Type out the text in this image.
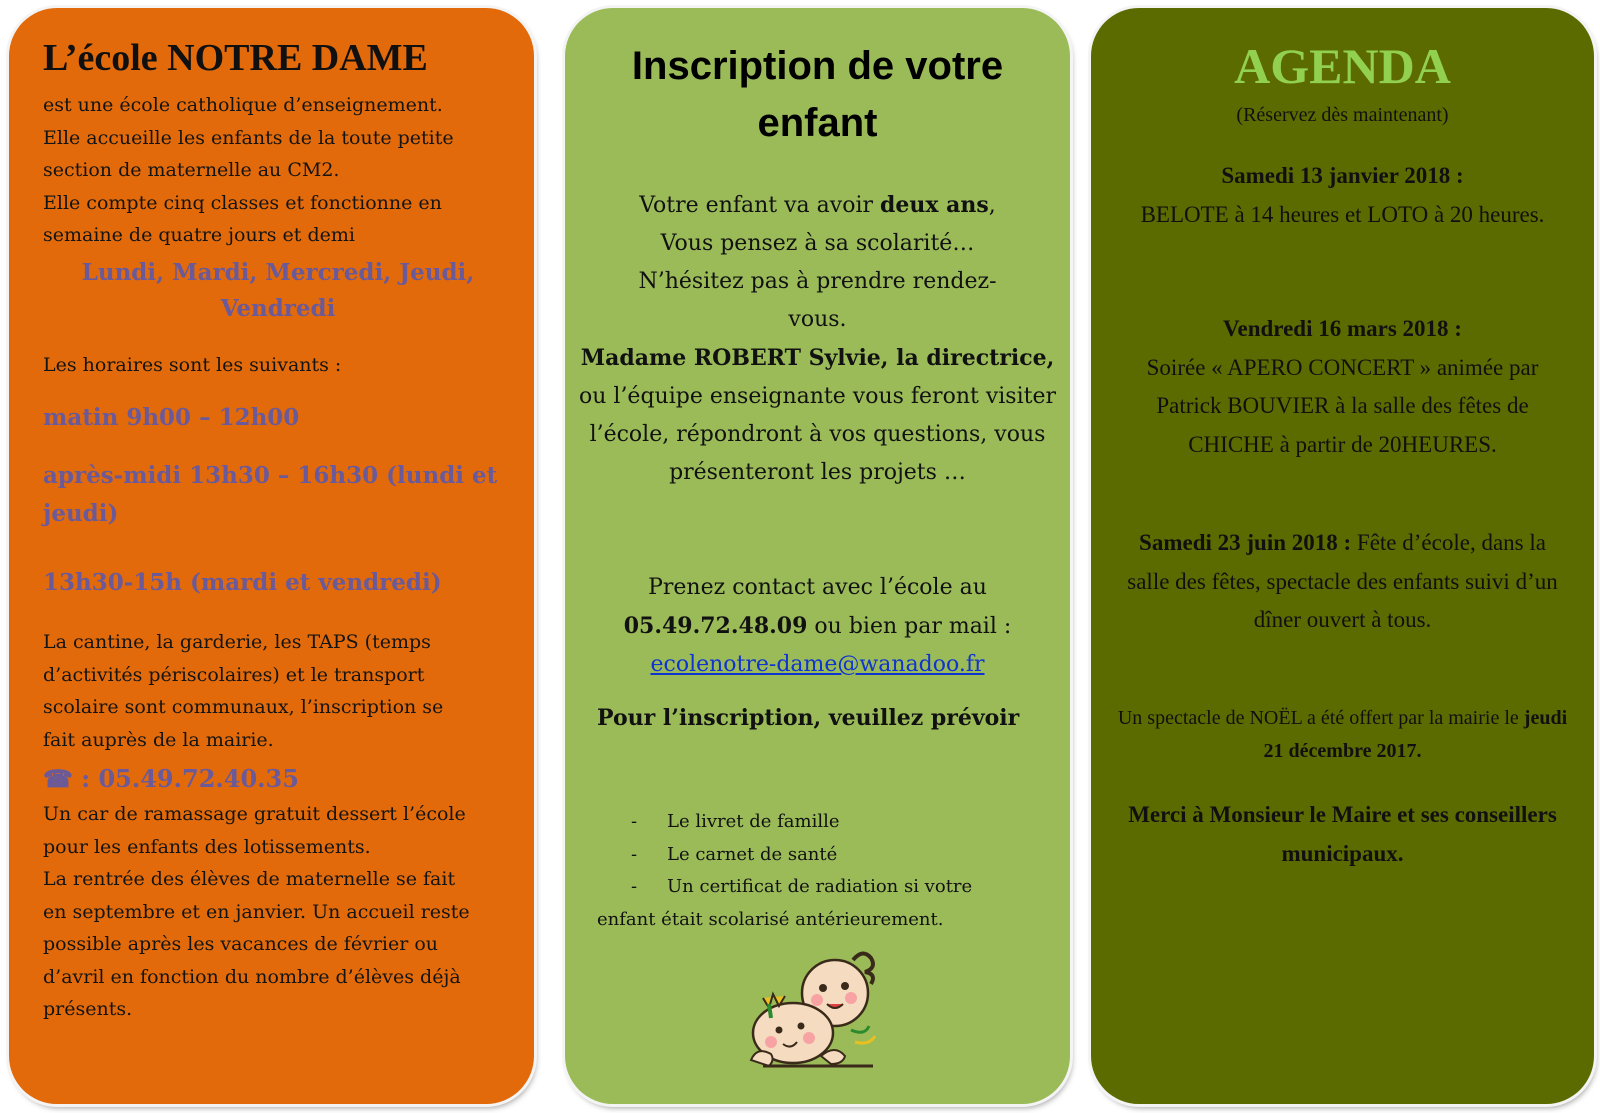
L’école NOTRE DAME
est une école catholique d’enseignement.
Elle accueille les enfants de la toute petite
section de maternelle au CM2.
Elle compte cinq classes et fonctionne en
semaine de quatre jours et demi
Lundi, Mardi, Mercredi, Jeudi, Vendredi
Les horaires sont les suivants :
matin 9h00 – 12h00
après-midi 13h30 – 16h30 (lundi et jeudi)
13h30-15h (mardi et vendredi)
La cantine, la garderie, les TAPS (temps
d’activités périscolaires) et le transport
scolaire sont communaux, l’inscription se
fait auprès de la mairie.
☎ : 05.49.72.40.35
Un car de ramassage gratuit dessert l’école
pour les enfants des lotissements.
La rentrée des élèves de maternelle se fait
en septembre et en janvier. Un accueil reste
possible après les vacances de février ou
d’avril en fonction du nombre d’élèves déjà
présents.
Inscription de votre enfant
Votre enfant va avoir deux ans,
Vous pensez à sa scolarité…
N’hésitez pas à prendre rendez-
vous.
Madame ROBERT Sylvie, la directrice, ou l’équipe enseignante vous feront visiter l’école, répondront à vos questions, vous présenteront les projets …
Prenez contact avec l’école au
05.49.72.48.09 ou bien par mail :
ecolenotre-dame@wanadoo.fr
Pour l’inscription, veuillez prévoir
- Le livret de famille
- Le carnet de santé
- Un certificat de radiation si votre
enfant était scolarisé antérieurement.
AGENDA
(Réservez dès maintenant)
Samedi 13 janvier 2018 :
BELOTE à 14 heures et LOTO à 20 heures.
Vendredi 16 mars 2018 :
Soirée « APERO CONCERT » animée par Patrick BOUVIER à la salle des fêtes de CHICHE à partir de 20HEURES.
Samedi 23 juin 2018 : Fête d’école, dans la salle des fêtes, spectacle des enfants suivi d’un dîner ouvert à tous.
Un spectacle de NOËL a été offert par la mairie le jeudi 21 décembre 2017.
Merci à Monsieur le Maire et ses conseillers municipaux.
